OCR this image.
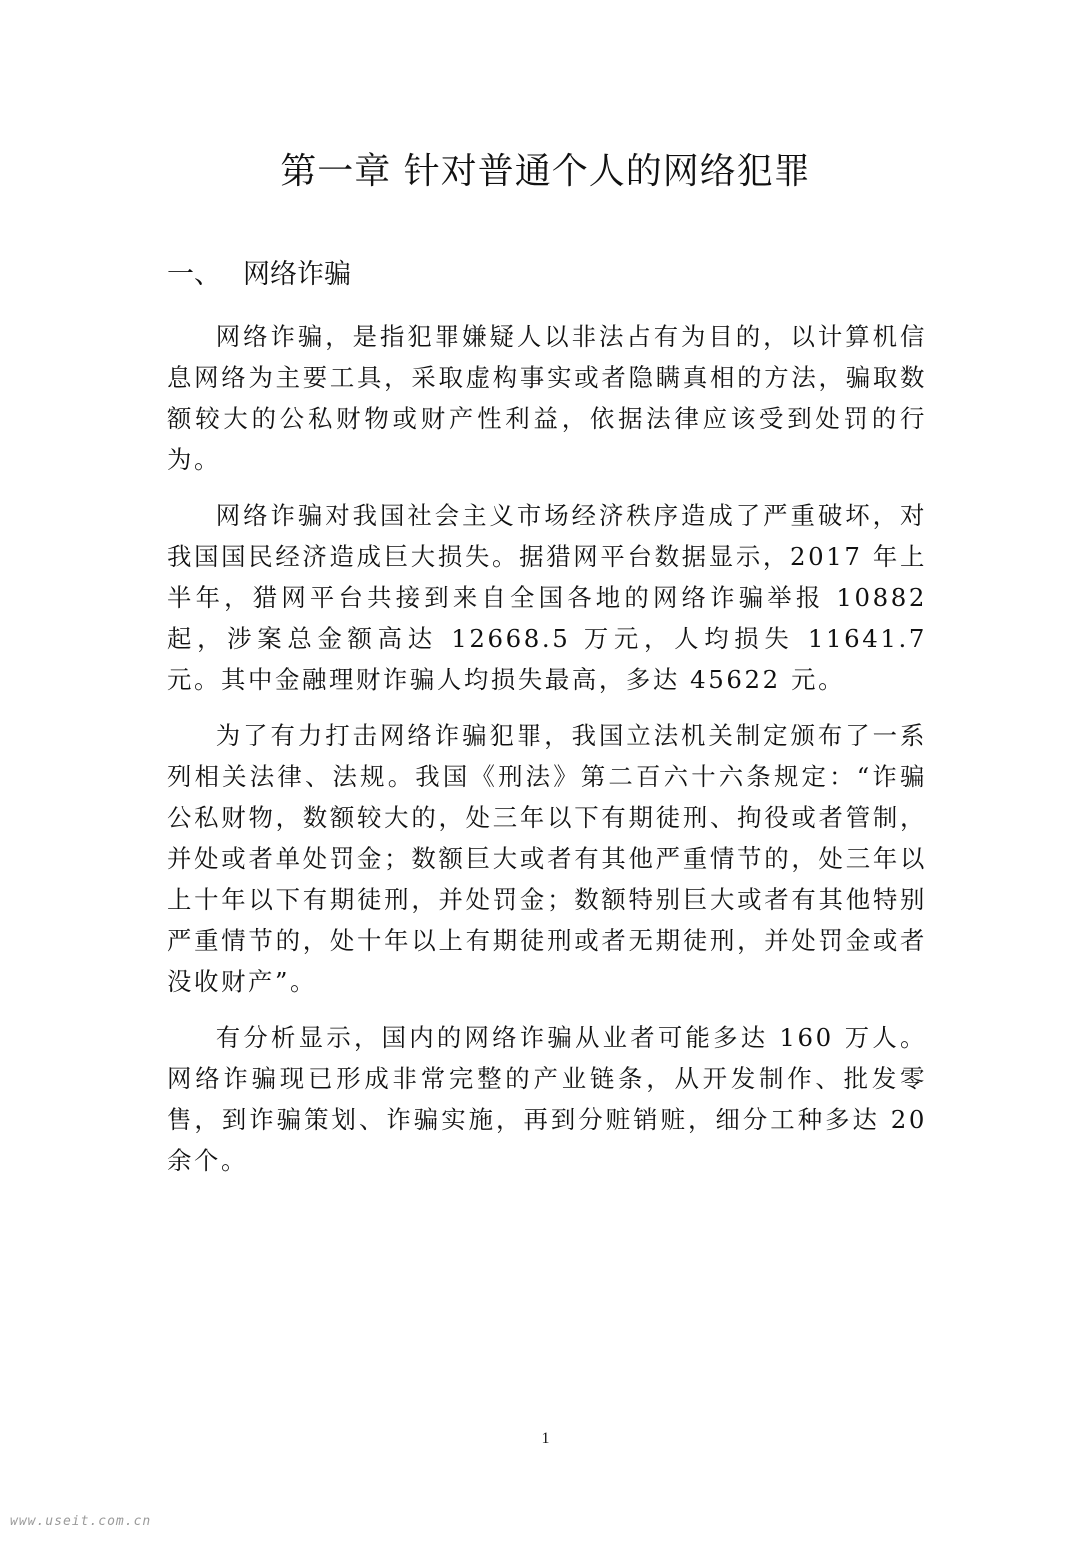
第一章 针对普通个人的网络犯罪
一、 网络诈骗

网络诈骗，是指犯罪嫌疑人以非法占有为目的，以计算机信息网络为主要工具，采取虚构事实或者隐瞒真相的方法，骗取数额较大的公私财物或财产性利益，依据法律应该受到处罚的行为。

网络诈骗对我国社会主义市场经济秩序造成了严重破坏，对我国国民经济造成巨大损失。据猎网平台数据显示，2017 年上半年，猎网平台共接到来自全国各地的网络诈骗举报 10882 起，涉案总金额高达 12668.5 万元，人均损失 11641.7 元。其中金融理财诈骗人均损失最高，多达 45622 元。

为了有力打击网络诈骗犯罪，我国立法机关制定颁布了一系列相关法律、法规。我国《刑法》第二百六十六条规定：“诈骗公私财物，数额较大的，处三年以下有期徒刑、拘役或者管制，并处或者单处罚金；数额巨大或者有其他严重情节的，处三年以上十年以下有期徒刑，并处罚金；数额特别巨大或者有其他特别严重情节的，处十年以上有期徒刑或者无期徒刑，并处罚金或者没收财产”。

有分析显示，国内的网络诈骗从业者可能多达 160 万人。网络诈骗现已形成非常完整的产业链条，从开发制作、批发零售，到诈骗策划、诈骗实施，再到分赃销赃，细分工种多达 20 余个。

1
www.useit.com.cn
